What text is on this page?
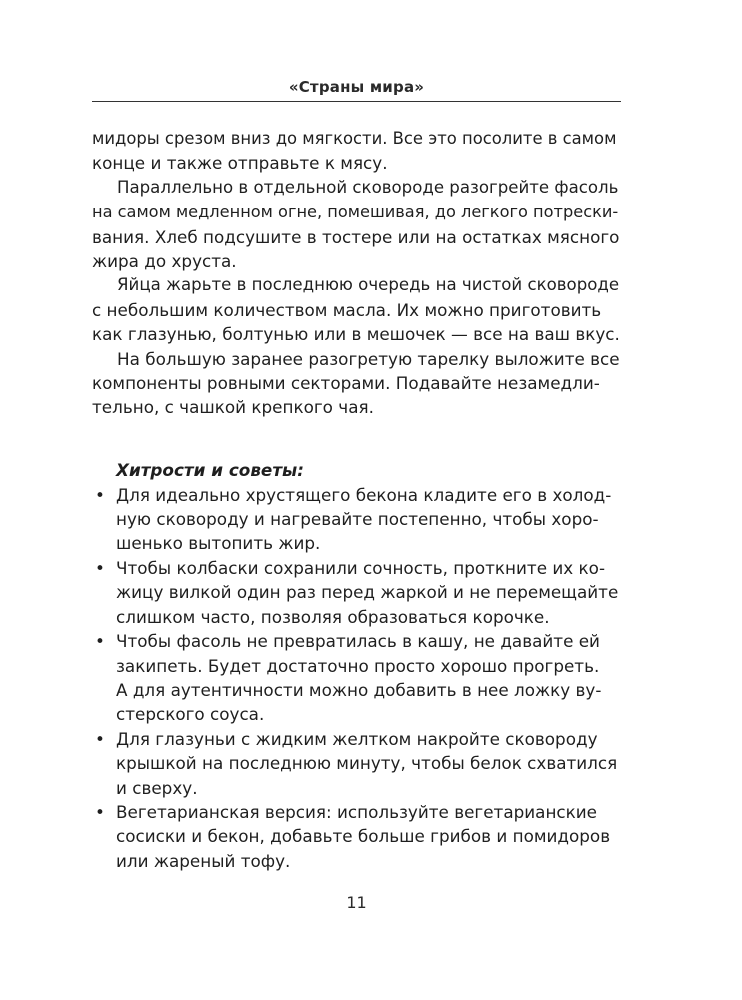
«Страны мира»

мидоры срезом вниз до мягкости. Все это посолите в самом
конце и также отправьте к мясу.

Параллельно в отдельной сковороде разогрейте фасоль
на самом медленном огне, помешивая, до легкого потрески-
вания. Хлеб подсушите в тостере или на остатках мясного
жира до хруста.

Яйца жарьте в последнюю очередь на чистой сковороде
с небольшим количеством масла. Их можно приготовить
как глазунью, болтунью или в мешочек — все на ваш вкус.

На большую заранее разогретую тарелку выложите все
компоненты ровными секторами. Подавайте незамедли-
тельно, с чашкой крепкого чая.

Хитрости и советы:
• Для идеально хрустящего бекона кладите его в холод-
ную сковороду и нагревайте постепенно, чтобы хоро-
шенько вытопить жир.
• Чтобы колбаски сохранили сочность, проткните их ко-
жицу вилкой один раз перед жаркой и не перемещайте
слишком часто, позволяя образоваться корочке.
• Чтобы фасоль не превратилась в кашу, не давайте ей
закипеть. Будет достаточно просто хорошо прогреть.
А для аутентичности можно добавить в нее ложку ву-
стерского соуса.
• Для глазуньи с жидким желтком накройте сковороду
крышкой на последнюю минуту, чтобы белок схватился
и сверху.
• Вегетарианская версия: используйте вегетарианские
сосиски и бекон, добавьте больше грибов и помидоров
или жареный тофу.
11
